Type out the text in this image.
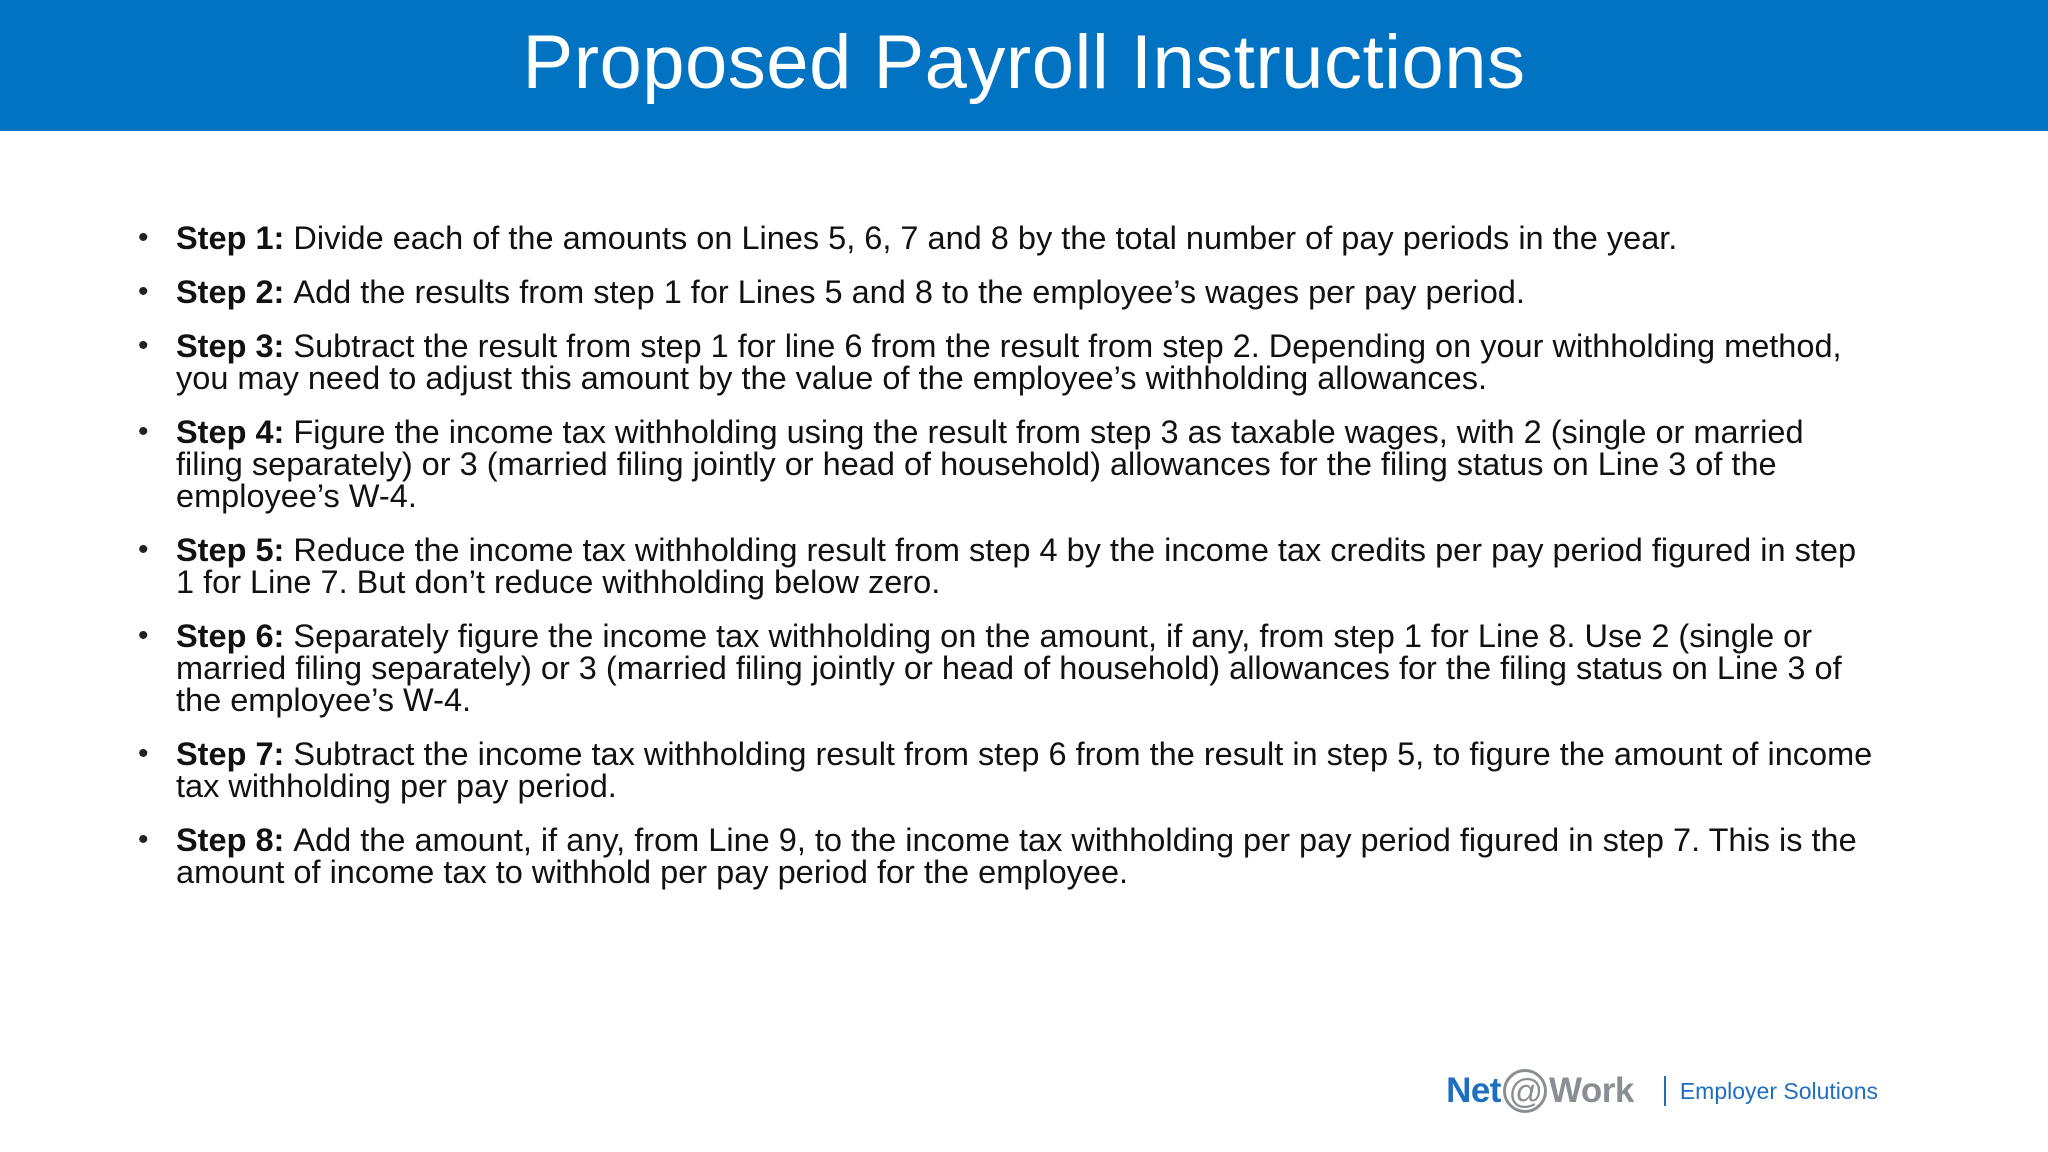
Proposed Payroll Instructions
• Step 1: Divide each of the amounts on Lines 5, 6, 7 and 8 by the total number of pay periods in the year.
• Step 2: Add the results from step 1 for Lines 5 and 8 to the employee’s wages per pay period.
• Step 3: Subtract the result from step 1 for line 6 from the result from step 2. Depending on your withholding method, you may need to adjust this amount by the value of the employee’s withholding allowances.
• Step 4: Figure the income tax withholding using the result from step 3 as taxable wages, with 2 (single or married filing separately) or 3 (married filing jointly or head of household) allowances for the filing status on Line 3 of the employee’s W-4.
• Step 5: Reduce the income tax withholding result from step 4 by the income tax credits per pay period figured in step 1 for Line 7. But don’t reduce withholding below zero.
• Step 6: Separately figure the income tax withholding on the amount, if any, from step 1 for Line 8. Use 2 (single or married filing separately) or 3 (married filing jointly or head of household) allowances for the filing status on Line 3 of the employee’s W-4.
• Step 7: Subtract the income tax withholding result from step 6 from the result in step 5, to figure the amount of income tax withholding per pay period.
• Step 8: Add the amount, if any, from Line 9, to the income tax withholding per pay period figured in step 7. This is the amount of income tax to withhold per pay period for the employee.
Net @ Work Employer Solutions
